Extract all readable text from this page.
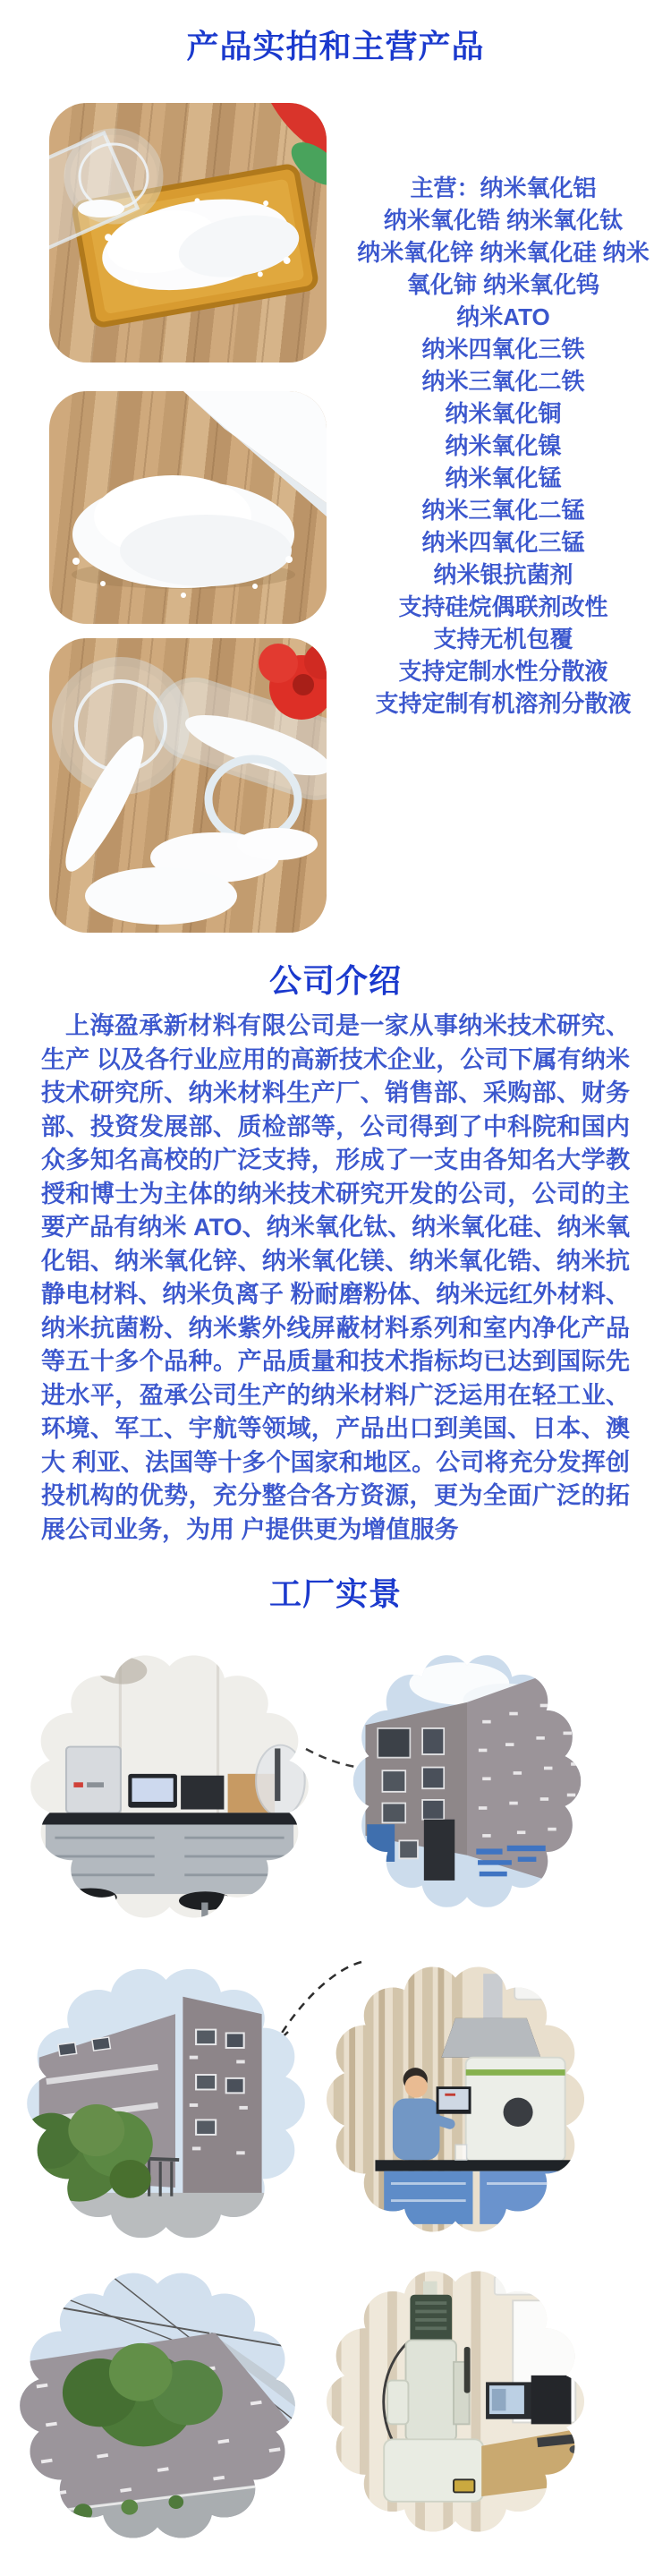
产品实拍和主营产品
主营：纳米氧化铝
纳米氧化锆 纳米氧化钛
纳米氧化锌 纳米氧化硅 纳米
氧化铈 纳米氧化钨
纳米ATO
纳米四氧化三铁
纳米三氧化二铁
纳米氧化铜
纳米氧化镍
纳米氧化锰
纳米三氧化二锰
纳米四氧化三锰
纳米银抗菌剂
支持硅烷偶联剂改性
支持无机包覆
支持定制水性分散液
支持定制有机溶剂分散液
公司介绍
上海盈承新材料有限公司是一家从事纳米技术研究、生产 以及各行业应用的高新技术企业，公司下属有纳米技术研究所、纳米材料生产厂、销售部、采购部、财务部、投资发展部、质检部等，公司得到了中科院和国内众多知名高校的广泛支持，形成了一支由各知名大学教授和博士为主体的纳米技术研究开发的公司，公司的主要产品有纳米 ATO、纳米氧化钛、纳米氧化硅、纳米氧化铝、纳米氧化锌、纳米氧化镁、纳米氧化锆、纳米抗静电材料、纳米负离子 粉耐磨粉体、纳米远红外材料、纳米抗菌粉、纳米紫外线屏蔽材料系列和室内净化产品等五十多个品种。产品质量和技术指标均已达到国际先进水平，盈承公司生产的纳米材料广泛运用在轻工业、环境、军工、宇航等领域，产品出口到美国、日本、澳大 利亚、法国等十多个国家和地区。公司将充分发挥创投机构的优势，充分整合各方资源，更为全面广泛的拓展公司业务，为用 户提供更为增值服务
工厂实景
